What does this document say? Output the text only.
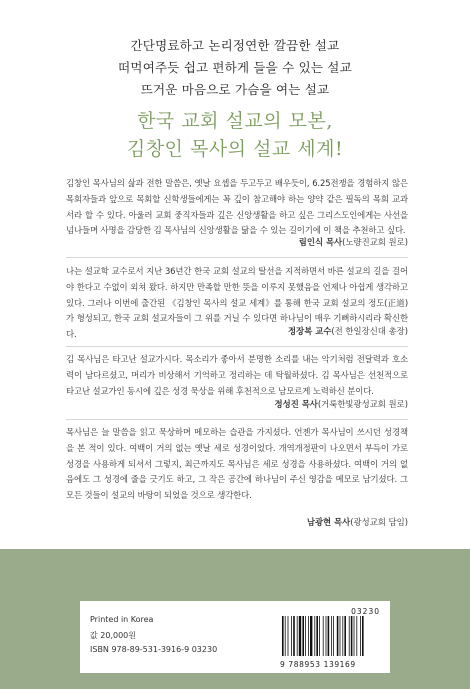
간단명료하고 논리정연한 깔끔한 설교
떠먹여주듯 쉽고 편하게 들을 수 있는 설교
뜨거운 마음으로 가슴을 여는 설교
한국 교회 설교의 모본,
김창인 목사의 설교 세계!
김창인 목사님의 삶과 전한 말씀은, 옛날 요셉을 두고두고 배우듯이, 6.25전쟁을 경험하지 않은 목회자들과 앞으로 목회할 신학생들에게는 꼭 깊이 참고해야 하는 양약 같은 필독의 목회 교과서라 할 수 있다. 아울러 교회 중직자들과 깊은 신앙생활을 하고 싶은 그리스도인에게는 사선을 넘나들며 사명을 감당한 김 목사님의 신앙생활을 닮을 수 있는 길이기에 이 책을 추천하고 싶다.
림인식 목사(노량진교회 원로)
나는 설교학 교수로서 지난 36년간 한국 교회 설교의 탈선을 지적하면서 바른 설교의 길을 걸어야 한다고 수없이 외쳐 왔다. 하지만 만족할 만한 뜻을 이루지 못했음을 언제나 아쉽게 생각하고 있다. 그러나 이번에 출간된 《김창인 목사의 설교 세계》를 통해 한국 교회 설교의 정도(正道)가 형성되고, 한국 교회 설교자들이 그 위를 거닐 수 있다면 하나님이 매우 기뻐하시리라 확신한다.	정장복 교수(전 한일장신대 총장)
김 목사님은 타고난 설교가시다. 목소리가 좋아서 분명한 소리를 내는 악기처럼 전달력과 호소력이 남다르셨고, 머리가 비상해서 기억하고 정리하는 데 탁월하셨다. 김 목사님은 선천적으로 타고난 설교가인 동시에 깊은 성경 묵상을 위해 후천적으로 남모르게 노력하신 분이다.
정성진 목사(거룩한빛광성교회 원로)
목사님은 늘 말씀을 읽고 묵상하며 메모하는 습관을 가지셨다. 언젠가 목사님이 쓰시던 성경책을 본 적이 있다. 여백이 거의 없는 옛날 세로 성경이었다. 개역개정판이 나오면서 부득이 가로 성경을 사용하게 되셔서 그렇지, 최근까지도 목사님은 세로 성경을 사용하셨다. 여백이 거의 없음에도 그 성경에 줄을 긋기도 하고, 그 작은 공간에 하나님이 주신 영감을 메모로 남기셨다. 그 모든 것들이 설교의 바탕이 되었을 것으로 생각한다.
남광현 목사(광성교회 담임)
Printed in Korea
값 20,000원
ISBN 978-89-531-3916-9 03230
03230
9 788953 139169
